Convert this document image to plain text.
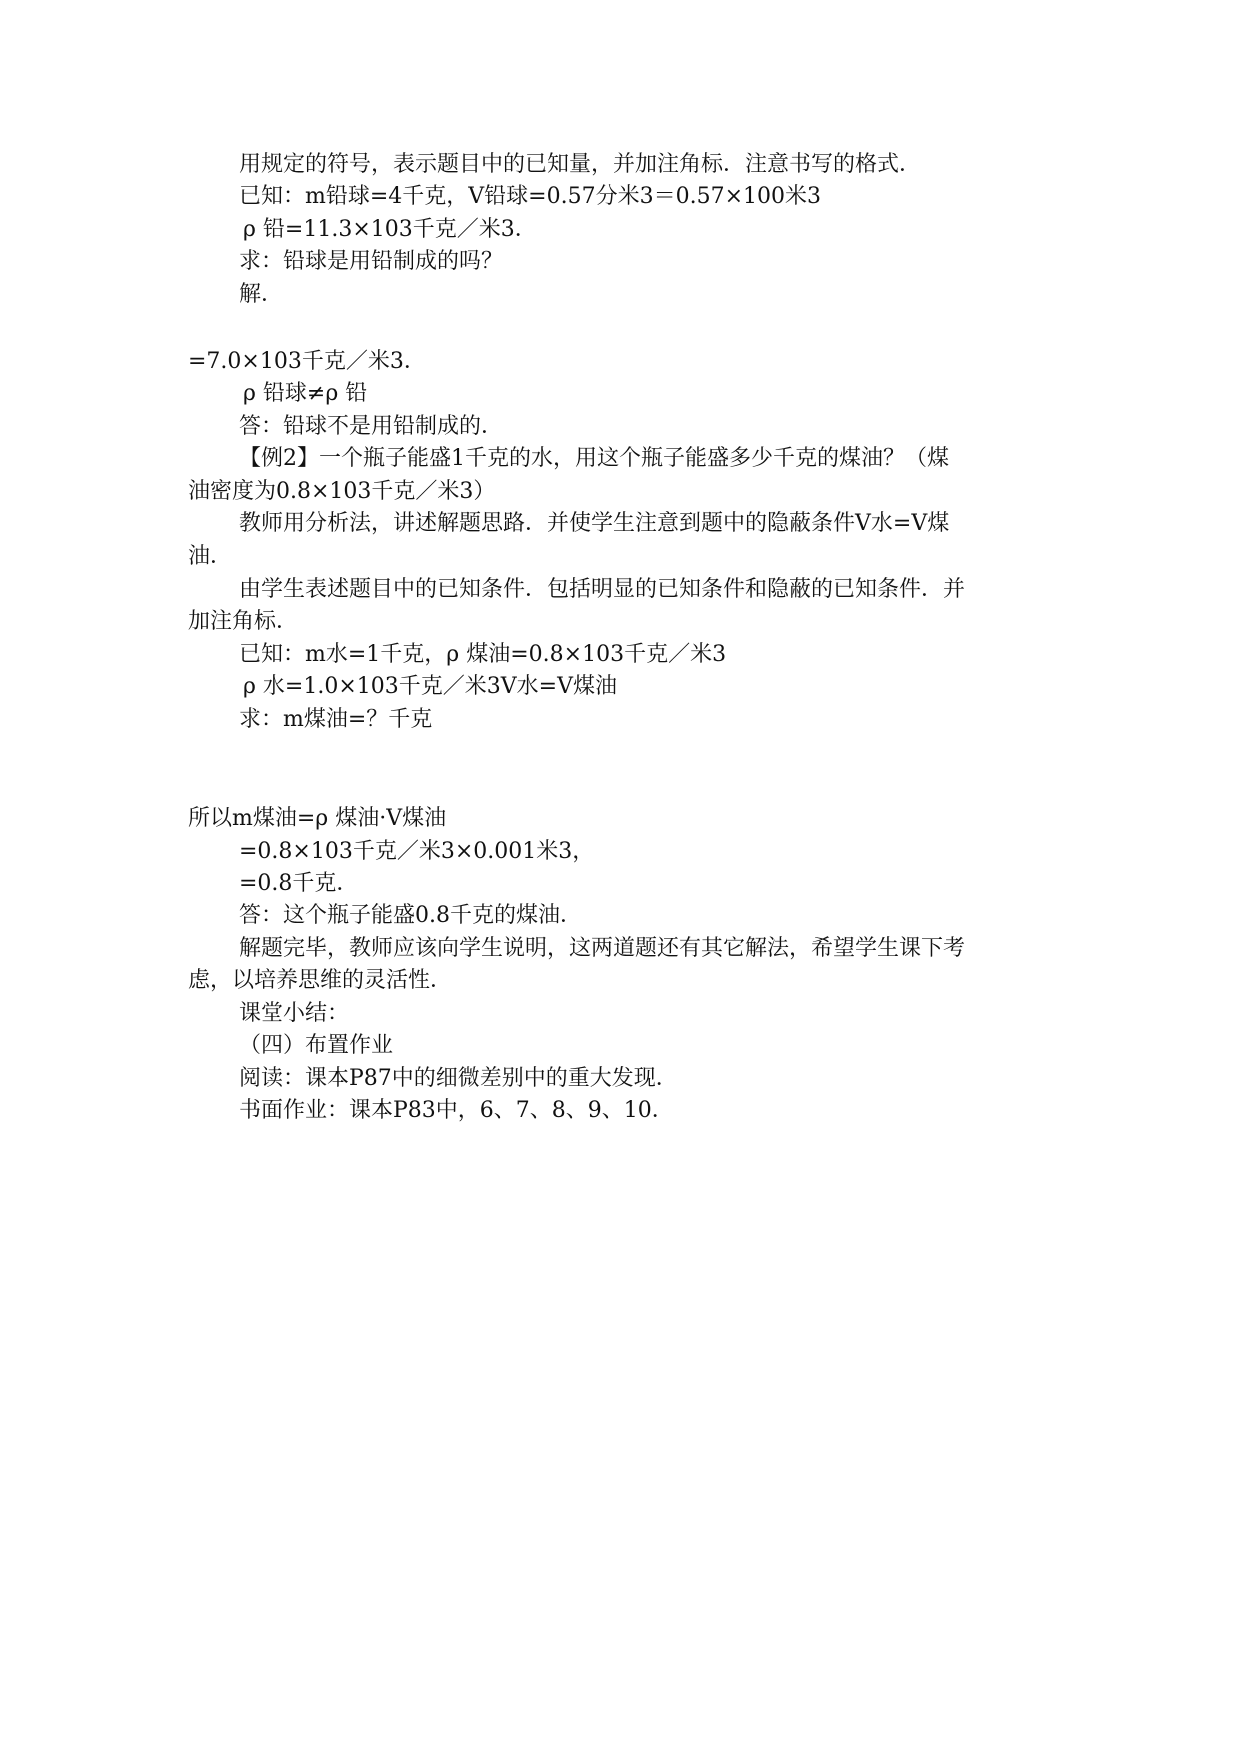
用规定的符号，表示题目中的已知量，并加注角标．注意书写的格式．
已知：m铅球=4千克，V铅球=0.57分米3＝0.57×100米3
ρ 铅=11.3×103千克／米3．
求：铅球是用铅制成的吗？
解．
=7.0×103千克／米3．
ρ 铅球≠ρ 铅
答：铅球不是用铅制成的．
【例2】一个瓶子能盛1千克的水，用这个瓶子能盛多少千克的煤油？（煤
油密度为0.8×103千克／米3）
教师用分析法，讲述解题思路．并使学生注意到题中的隐蔽条件V水=V煤
油．
由学生表述题目中的已知条件．包括明显的已知条件和隐蔽的已知条件．并
加注角标．
已知：m水=1千克，ρ 煤油=0.8×103千克／米3
ρ 水=1.0×103千克／米3V水=V煤油
求：m煤油=？千克
所以m煤油=ρ 煤油·V煤油
=0.8×103千克／米3×0.001米3，
=0.8千克．
答：这个瓶子能盛0.8千克的煤油．
解题完毕，教师应该向学生说明，这两道题还有其它解法，希望学生课下考
虑，以培养思维的灵活性．
课堂小结：
（四）布置作业
阅读：课本P87中的细微差别中的重大发现．
书面作业：课本P83中，6、7、8、9、10．
